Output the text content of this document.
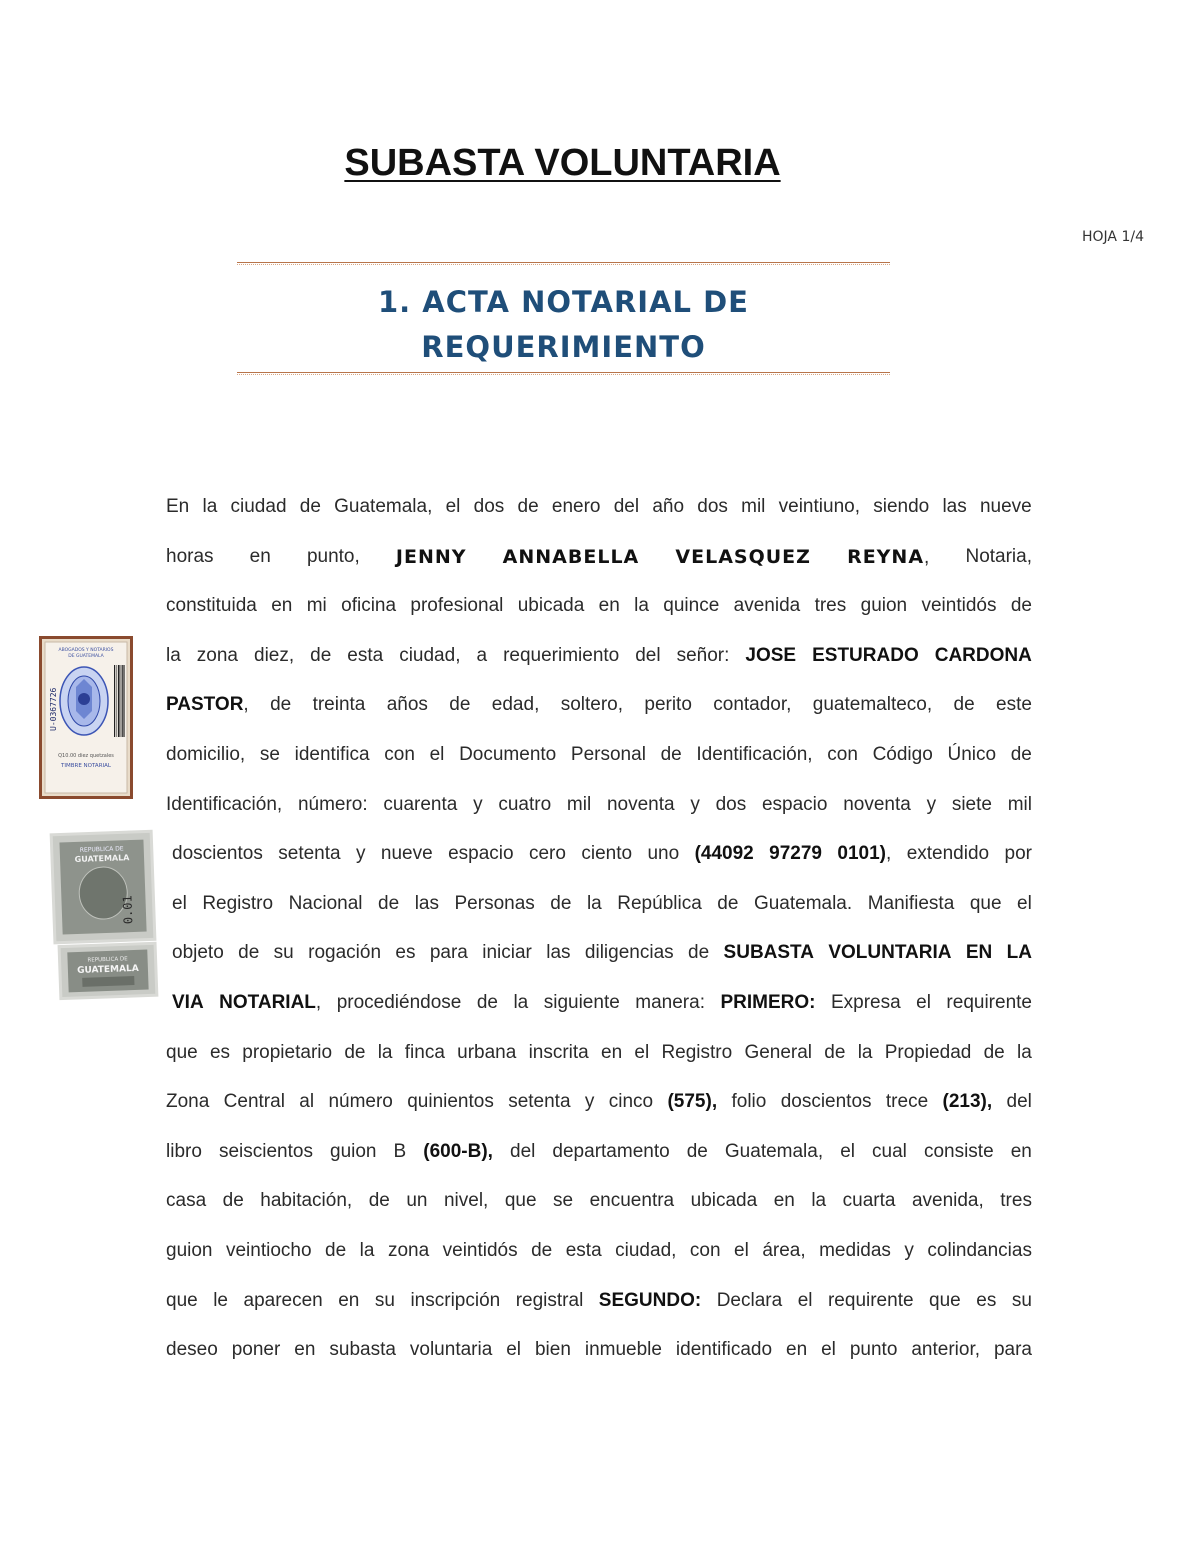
SUBASTA VOLUNTARIA
HOJA 1/4
1. ACTA NOTARIAL DE
REQUERIMIENTO
ABOGADOS Y NOTARIOS
DE GUATEMALA
U-0367726
Q10.00 diez quetzales
TIMBRE NOTARIAL
REPUBLICA DE
GUATEMALA
0.01
REPUBLICA DE
GUATEMALA
En la ciudad de Guatemala, el dos de enero del año dos mil veintiuno, siendo las nueve
horas en punto, JENNY ANNABELLA VELASQUEZ REYNA, Notaria,
constituida en mi oficina profesional ubicada en la quince avenida tres guion veintidós de
la zona diez, de esta ciudad, a requerimiento del señor: JOSE ESTURADO CARDONA
PASTOR, de treinta años de edad, soltero, perito contador, guatemalteco, de este
domicilio, se identifica con el Documento Personal de Identificación, con Código Único de
Identificación, número: cuarenta y cuatro mil noventa y dos espacio noventa y siete mil
doscientos setenta y nueve espacio cero ciento uno (44092 97279 0101), extendido por
el Registro Nacional de las Personas de la República de Guatemala. Manifiesta que el
objeto de su rogación es para iniciar las diligencias de SUBASTA VOLUNTARIA EN LA
VIA NOTARIAL, procediéndose de la siguiente manera: PRIMERO: Expresa el requirente
que es propietario de la finca urbana inscrita en el Registro General de la Propiedad de la
Zona Central al número quinientos setenta y cinco (575), folio doscientos trece (213), del
libro seiscientos guion B (600-B), del departamento de Guatemala, el cual consiste en
casa de habitación, de un nivel, que se encuentra ubicada en la cuarta avenida, tres
guion veintiocho de la zona veintidós de esta ciudad, con el área, medidas y colindancias
que le aparecen en su inscripción registral SEGUNDO: Declara el requirente que es su
deseo poner en subasta voluntaria el bien inmueble identificado en el punto anterior, para
